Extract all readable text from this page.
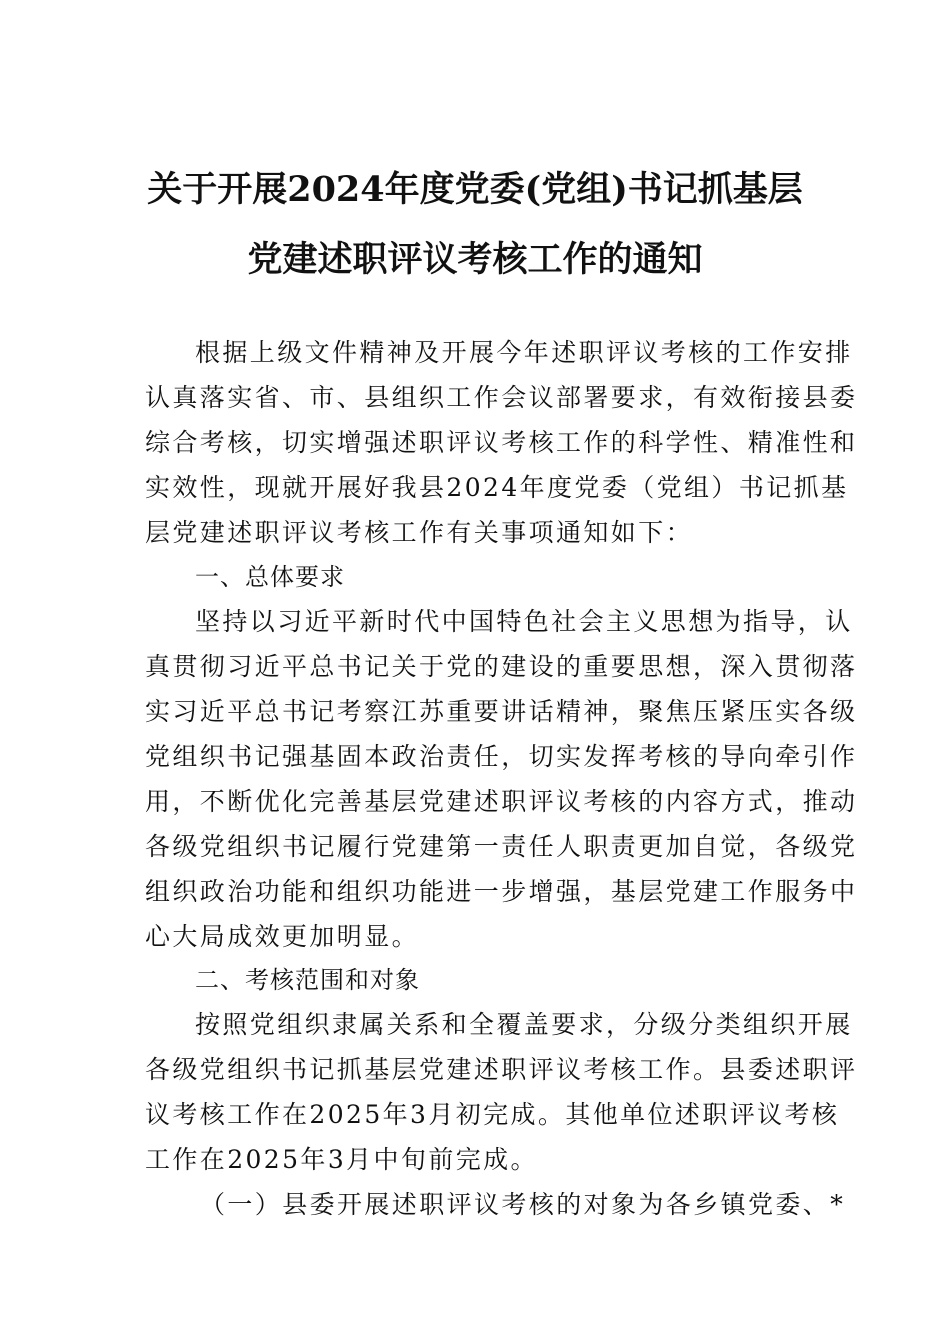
关于开展2024年度党委(党组)书记抓基层
党建述职评议考核工作的通知
根据上级文件精神及开展今年述职评议考核的工作安排
认真落实省、市、县组织工作会议部署要求，有效衔接县委
综合考核，切实增强述职评议考核工作的科学性、精准性和
实效性，现就开展好我县2024年度党委（党组）书记抓基
层党建述职评议考核工作有关事项通知如下：
一、总体要求
坚持以习近平新时代中国特色社会主义思想为指导，认
真贯彻习近平总书记关于党的建设的重要思想，深入贯彻落
实习近平总书记考察江苏重要讲话精神，聚焦压紧压实各级
党组织书记强基固本政治责任，切实发挥考核的导向牵引作
用，不断优化完善基层党建述职评议考核的内容方式，推动
各级党组织书记履行党建第一责任人职责更加自觉，各级党
组织政治功能和组织功能进一步增强，基层党建工作服务中
心大局成效更加明显。
二、考核范围和对象
按照党组织隶属关系和全覆盖要求，分级分类组织开展
各级党组织书记抓基层党建述职评议考核工作。县委述职评
议考核工作在2025年3月初完成。其他单位述职评议考核
工作在2025年3月中旬前完成。
（一）县委开展述职评议考核的对象为各乡镇党委、*
